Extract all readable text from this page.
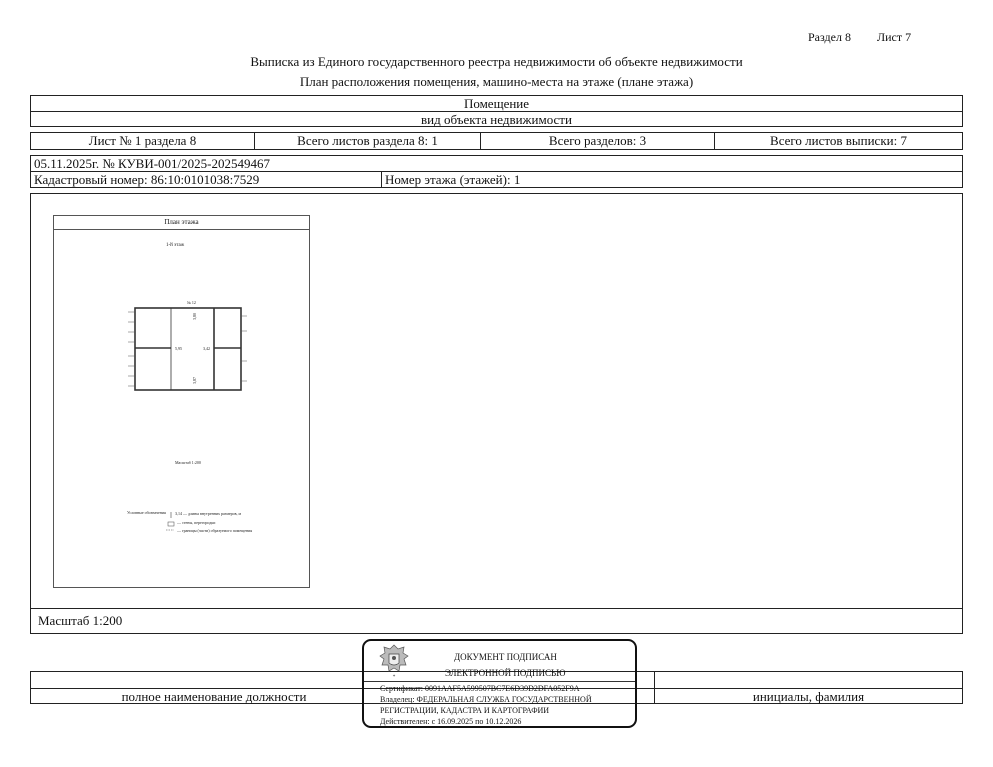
Раздел 8 Лист 7
Выписка из Единого государственного реестра недвижимости об объекте недвижимости
План расположения помещения, машино-места на этаже (плане этажа)
Помещение
вид объекта недвижимости
Лист № 1 раздела 8	Всего листов раздела 8: 1	Всего разделов: 3	Всего листов выписки: 7
05.11.2025г. № КУВИ-001/2025-202549467
Кадастровый номер: 86:10:0101038:7529	Номер этажа (этажей): 1
Масштаб 1:200
План этажа
1-й этаж
№ 12
3,80
5,95	3,42
3,87
Масштаб 1:200
Условные обозначения 3,14 — длины внутренних размеров, м
— стены, перегородки
— границы (части) образуемого помещения
полное наименование должности	инициалы, фамилия
✦
ДОКУМЕНТ ПОДПИСАН
ЭЛЕКТРОННОЙ ПОДПИСЬЮ
Сертификат: 0091AAF5A599507BC7E6D39D2DFA052F9A
Владелец: ФЕДЕРАЛЬНАЯ СЛУЖБА ГОСУДАРСТВЕННОЙ
РЕГИСТРАЦИИ, КАДАСТРА И КАРТОГРАФИИ
Действителен: с 16.09.2025 по 10.12.2026
